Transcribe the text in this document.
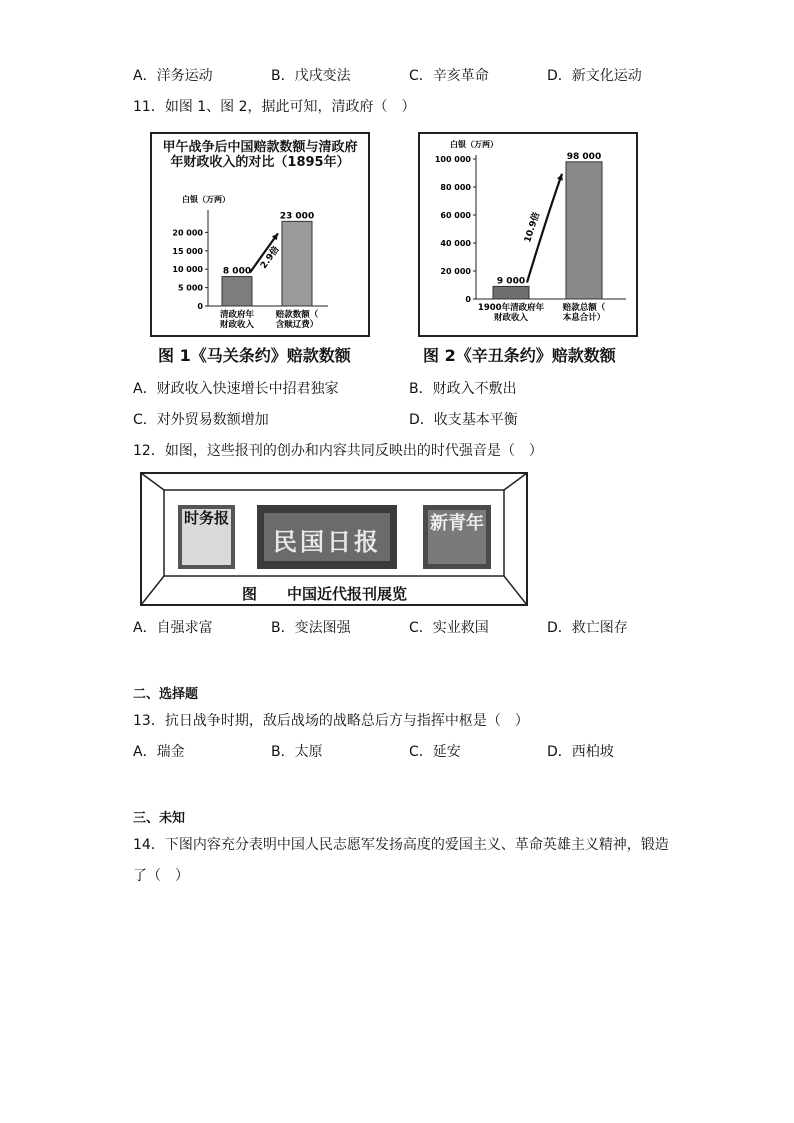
A．洋务运动	B．戊戌变法	C．辛亥革命	D．新文化运动
11．如图 1、图 2，据此可知，清政府（　）
白银（万两）
0
5 000
10 000
15 000
20 000
8 000
清政府年财政收入
23 000
赔款数额（含赎辽费）
2.9倍
甲午战争后中国赔款数额与清政府年财政收入的对比（1895年）
图 1《马关条约》赔款数额
白银（万两）
0
20 000
40 000
60 000
80 000
100 000
9 000
1900年清政府年财政收入
98 000
赔款总额（本息合计）
10.9倍
图 2《辛丑条约》赔款数额
A．财政收入快速增长中招君独家	B．财政入不敷出
C．对外贸易数额增加	D．收支基本平衡
12．如图，这些报刊的创办和内容共同反映出的时代强音是（　）
时务报
民国日报
新青年
图　　中国近代报刊展览
A．自强求富	B．变法图强	C．实业救国	D．救亡图存
二、选择题
13．抗日战争时期，敌后战场的战略总后方与指挥中枢是（　）
A．瑞金	B．太原	C．延安	D．西柏坡
三、未知
14．下图内容充分表明中国人民志愿军发扬高度的爱国主义、革命英雄主义精神，锻造
了（　）
